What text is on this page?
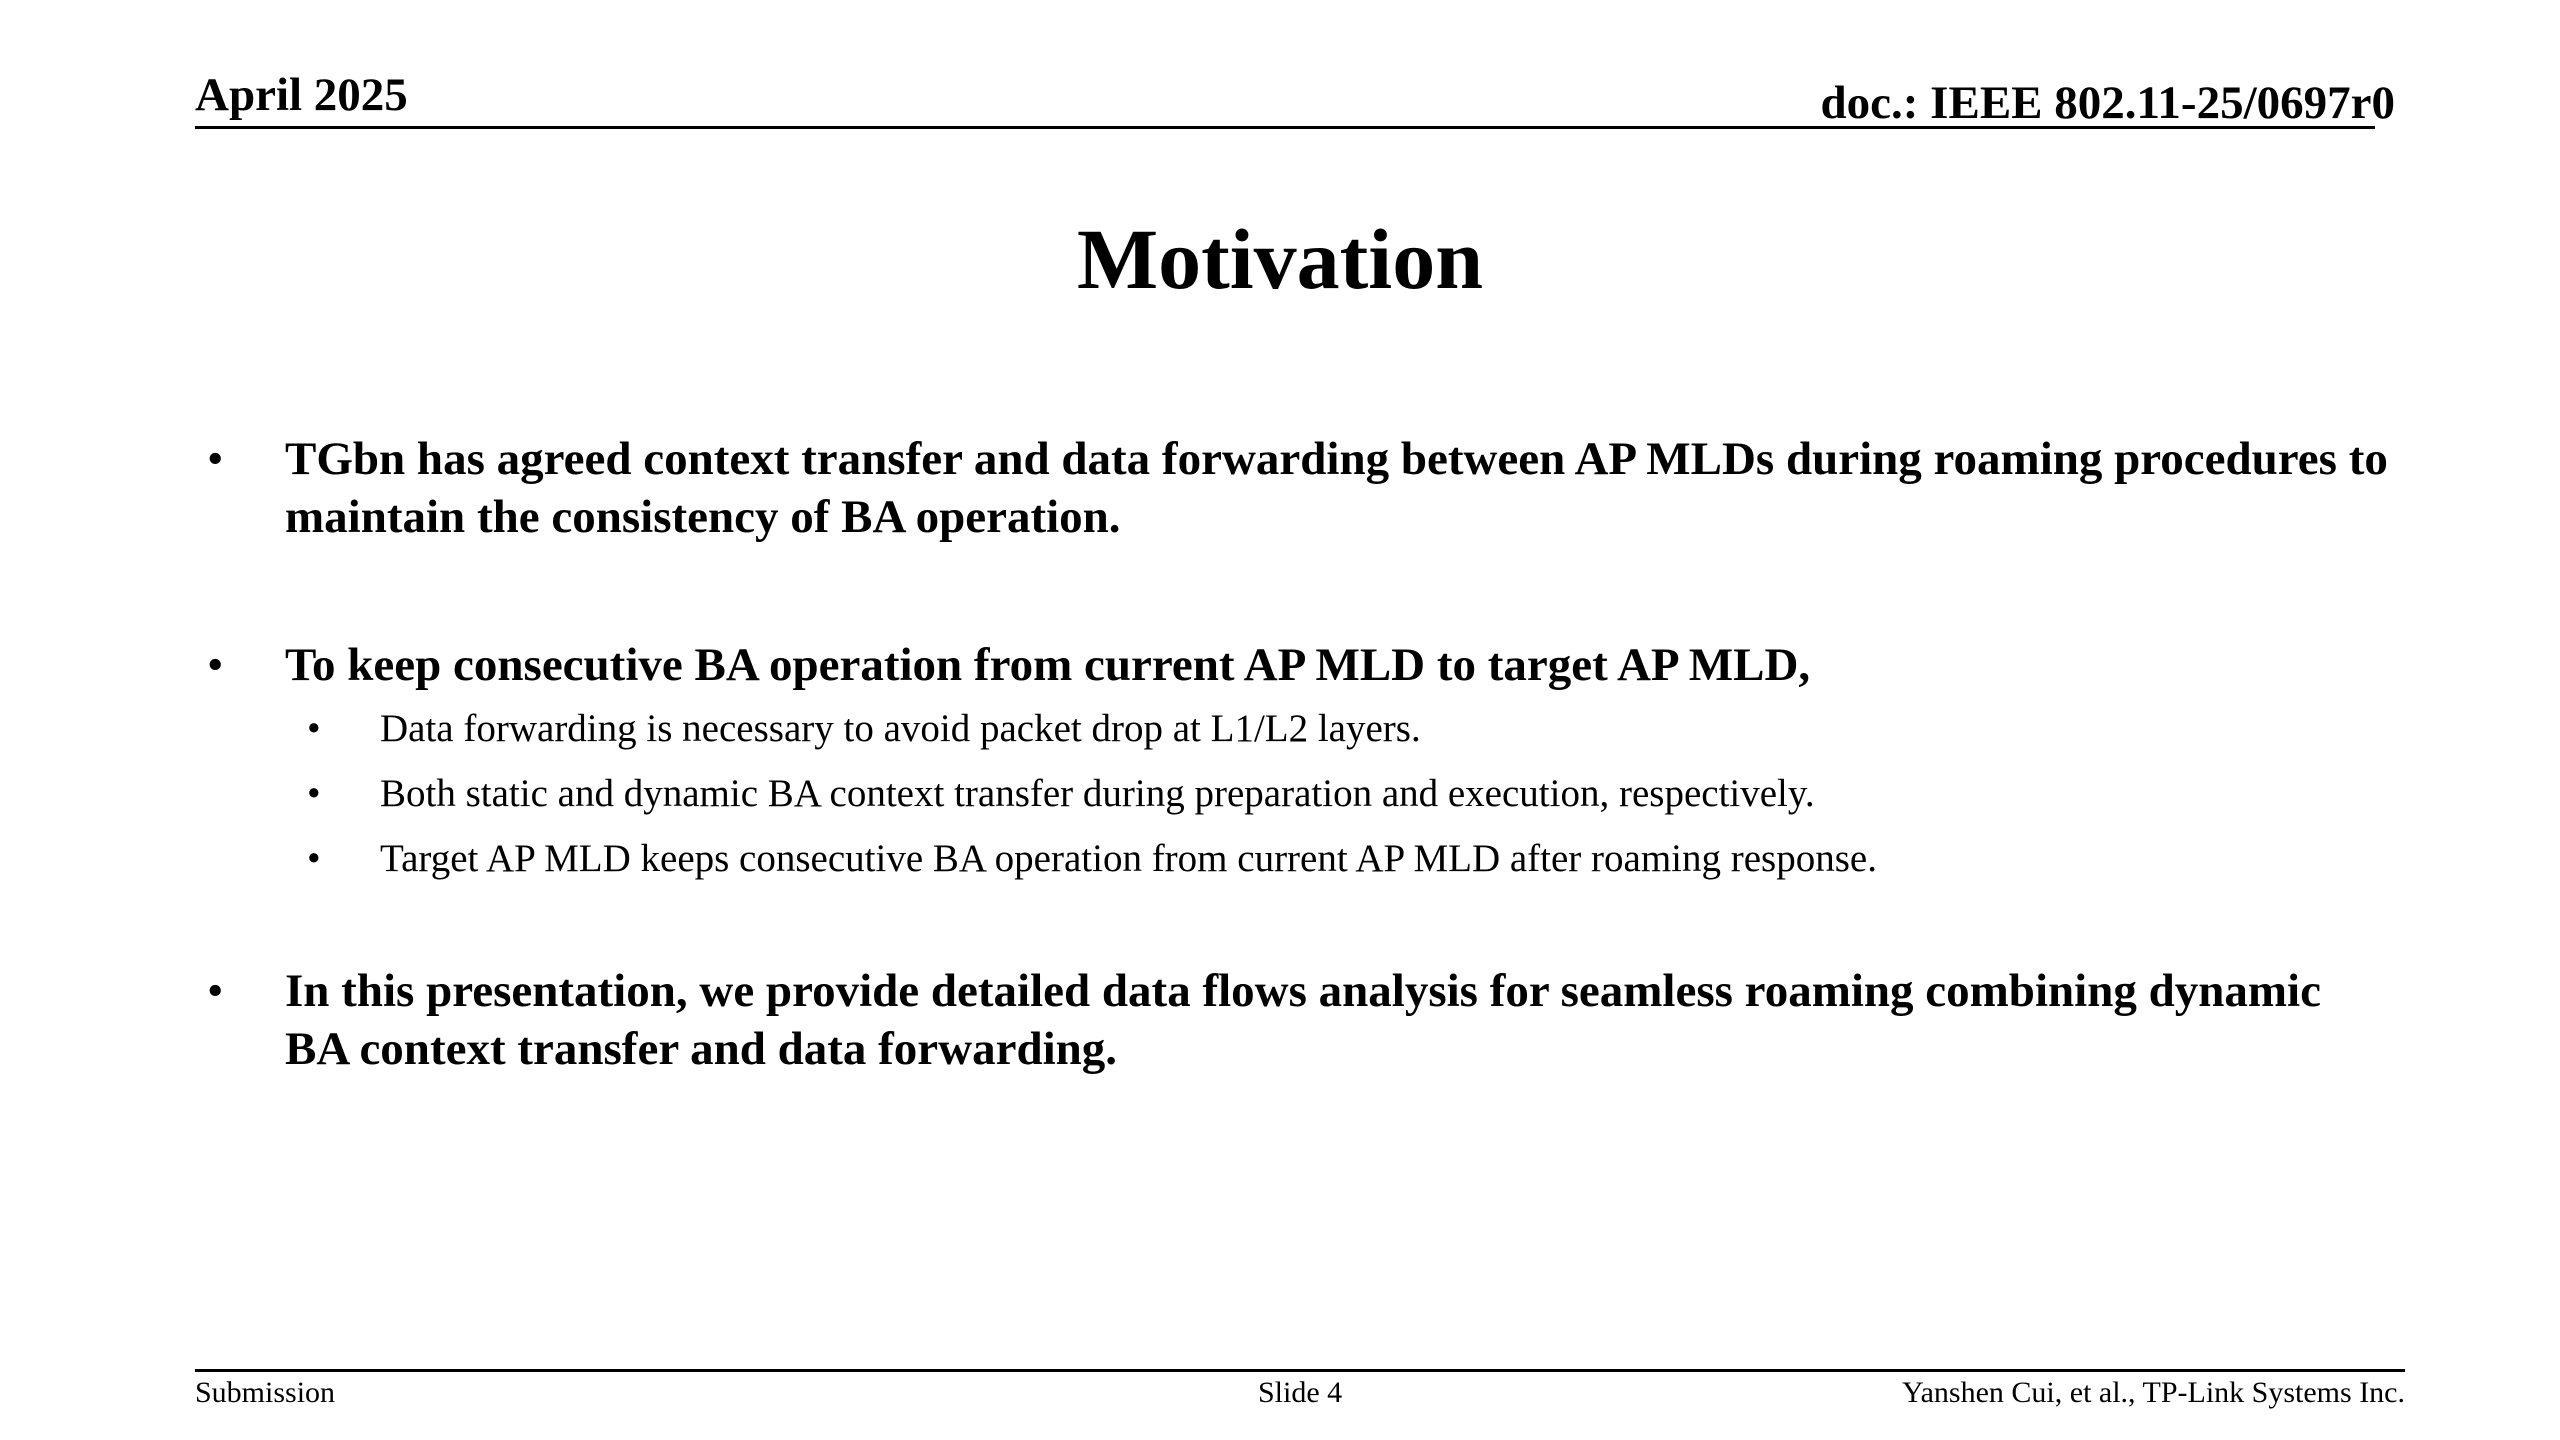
April 2025	doc.: IEEE 802.11-25/0697r0
Motivation
• TGbn has agreed context transfer and data forwarding between AP MLDs during roaming procedures to maintain the consistency of BA operation.
• To keep consecutive BA operation from current AP MLD to target AP MLD,
• Data forwarding is necessary to avoid packet drop at L1/L2 layers.
• Both static and dynamic BA context transfer during preparation and execution, respectively.
• Target AP MLD keeps consecutive BA operation from current AP MLD after roaming response.
• In this presentation, we provide detailed data flows analysis for seamless roaming combining dynamic BA context transfer and data forwarding.
Submission	Slide 4	Yanshen Cui, et al., TP-Link Systems Inc.
